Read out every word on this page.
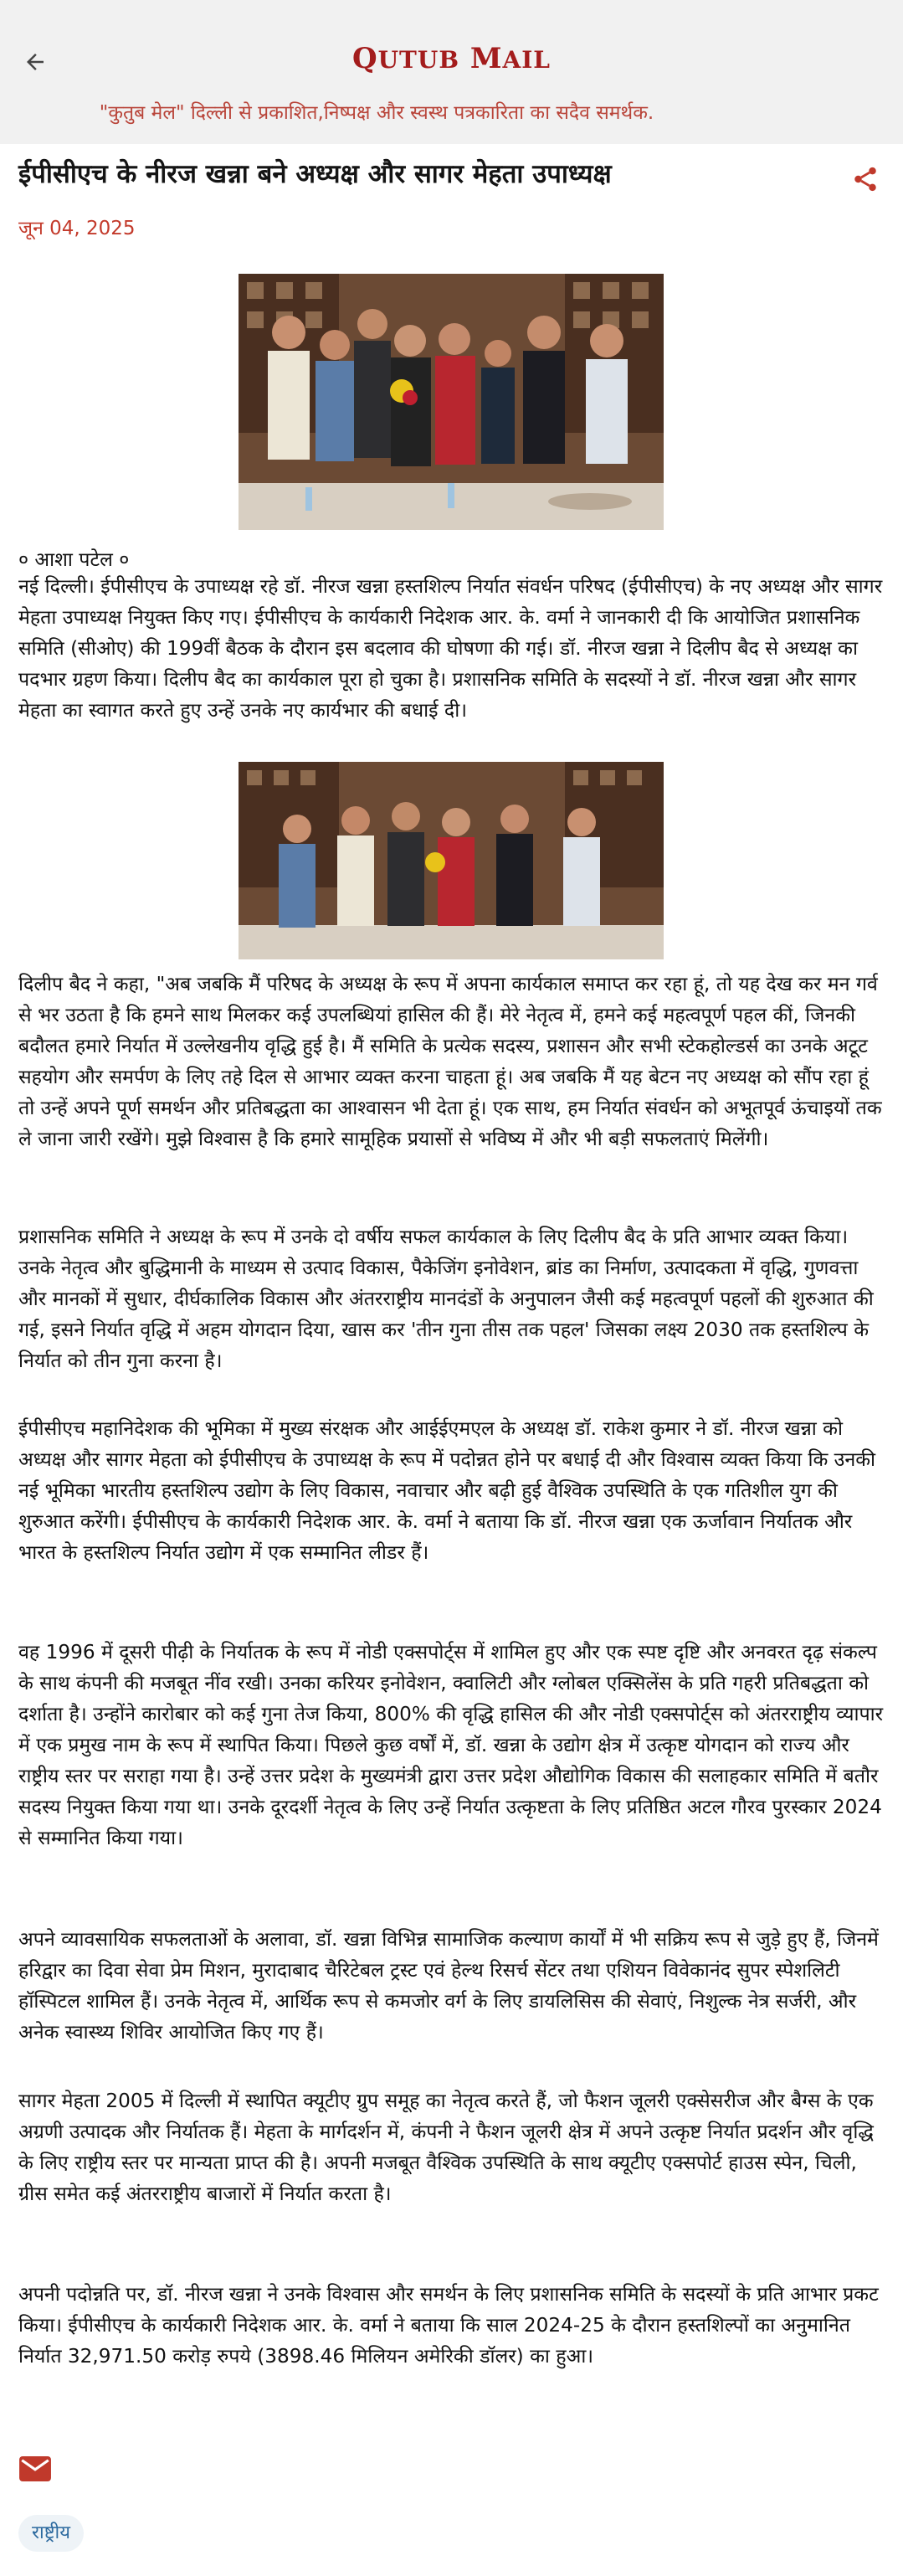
QUTUB MAIL
"कुतुब मेल" दिल्ली से प्रकाशित,निष्पक्ष और स्वस्थ पत्रकारिता का सदैव समर्थक.
ईपीसीएच के नीरज खन्ना बने अध्यक्ष और सागर मेहता उपाध्यक्ष
जून 04, 2025
० आशा पटेल ०

नई दिल्ली। ईपीसीएच के उपाध्यक्ष रहे डॉ. नीरज खन्ना हस्तशिल्प निर्यात संवर्धन परिषद (ईपीसीएच) के नए अध्यक्ष और सागर मेहता उपाध्यक्ष नियुक्त किए गए। ईपीसीएच के कार्यकारी निदेशक आर. के. वर्मा ने जानकारी दी कि आयोजित प्रशासनिक समिति (सीओए) की 199वीं बैठक के दौरान इस बदलाव की घोषणा की गई। डॉ. नीरज खन्ना ने दिलीप बैद से अध्यक्ष का पदभार ग्रहण किया। दिलीप बैद का कार्यकाल पूरा हो चुका है। प्रशासनिक समिति के सदस्यों ने डॉ. नीरज खन्ना और सागर मेहता का स्वागत करते हुए उन्हें उनके नए कार्यभार की बधाई दी।

दिलीप बैद ने कहा, "अब जबकि मैं परिषद के अध्यक्ष के रूप में अपना कार्यकाल समाप्त कर रहा हूं, तो यह देख कर मन गर्व से भर उठता है कि हमने साथ मिलकर कई उपलब्धियां हासिल की हैं। मेरे नेतृत्व में, हमने कई महत्वपूर्ण पहल कीं, जिनकी बदौलत हमारे निर्यात में उल्लेखनीय वृद्धि हुई है। मैं समिति के प्रत्येक सदस्य, प्रशासन और सभी स्टेकहोल्डर्स का उनके अटूट सहयोग और समर्पण के लिए तहे दिल से आभार व्यक्त करना चाहता हूं। अब जबकि मैं यह बेटन नए अध्यक्ष को सौंप रहा हूं तो उन्हें अपने पूर्ण समर्थन और प्रतिबद्धता का आश्वासन भी देता हूं। एक साथ, हम निर्यात संवर्धन को अभूतपूर्व ऊंचाइयों तक ले जाना जारी रखेंगे। मुझे विश्वास है कि हमारे सामूहिक प्रयासों से भविष्य में और भी बड़ी सफलताएं मिलेंगी।

प्रशासनिक समिति ने अध्यक्ष के रूप में उनके दो वर्षीय सफल कार्यकाल के लिए दिलीप बैद के प्रति आभार व्यक्त किया। उनके नेतृत्व और बुद्धिमानी के माध्यम से उत्पाद विकास, पैकेजिंग इनोवेशन, ब्रांड का निर्माण, उत्पादकता में वृद्धि, गुणवत्ता और मानकों में सुधार, दीर्घकालिक विकास और अंतरराष्ट्रीय मानदंडों के अनुपालन जैसी कई महत्वपूर्ण पहलों की शुरुआत की गई, इसने निर्यात वृद्धि में अहम योगदान दिया, खास कर 'तीन गुना तीस तक पहल' जिसका लक्ष्य 2030 तक हस्तशिल्प के निर्यात को तीन गुना करना है।

ईपीसीएच महानिदेशक की भूमिका में मुख्य संरक्षक और आईईएमएल के अध्यक्ष डॉ. राकेश कुमार ने डॉ. नीरज खन्ना को अध्यक्ष और सागर मेहता को ईपीसीएच के उपाध्यक्ष के रूप में पदोन्नत होने पर बधाई दी और विश्वास व्यक्त किया कि उनकी नई भूमिका भारतीय हस्तशिल्प उद्योग के लिए विकास, नवाचार और बढ़ी हुई वैश्विक उपस्थिति के एक गतिशील युग की शुरुआत करेंगी। ईपीसीएच के कार्यकारी निदेशक आर. के. वर्मा ने बताया कि डॉ. नीरज खन्ना एक ऊर्जावान निर्यातक और भारत के हस्तशिल्प निर्यात उद्योग में एक सम्मानित लीडर हैं।

वह 1996 में दूसरी पीढ़ी के निर्यातक के रूप में नोडी एक्सपोर्ट्स में शामिल हुए और एक स्पष्ट दृष्टि और अनवरत दृढ़ संकल्प के साथ कंपनी की मजबूत नींव रखी। उनका करियर इनोवेशन, क्वालिटी और ग्लोबल एक्सिलेंस के प्रति गहरी प्रतिबद्धता को दर्शाता है। उन्होंने कारोबार को कई गुना तेज किया, 800% की वृद्धि हासिल की और नोडी एक्सपोर्ट्स को अंतरराष्ट्रीय व्यापार में एक प्रमुख नाम के रूप में स्थापित किया। पिछले कुछ वर्षों में, डॉ. खन्ना के उद्योग क्षेत्र में उत्कृष्ट योगदान को राज्य और राष्ट्रीय स्तर पर सराहा गया है। उन्हें उत्तर प्रदेश के मुख्यमंत्री द्वारा उत्तर प्रदेश औद्योगिक विकास की सलाहकार समिति में बतौर सदस्य नियुक्त किया गया था। उनके दूरदर्शी नेतृत्व के लिए उन्हें निर्यात उत्कृष्टता के लिए प्रतिष्ठित अटल गौरव पुरस्कार 2024 से सम्मानित किया गया।

अपने व्यावसायिक सफलताओं के अलावा, डॉ. खन्ना विभिन्न सामाजिक कल्याण कार्यों में भी सक्रिय रूप से जुड़े हुए हैं, जिनमें हरिद्वार का दिवा सेवा प्रेम मिशन, मुरादाबाद चैरिटेबल ट्रस्ट एवं हेल्थ रिसर्च सेंटर तथा एशियन विवेकानंद सुपर स्पेशलिटी हॉस्पिटल शामिल हैं। उनके नेतृत्व में, आर्थिक रूप से कमजोर वर्ग के लिए डायलिसिस की सेवाएं, निशुल्क नेत्र सर्जरी, और अनेक स्वास्थ्य शिविर आयोजित किए गए हैं।

सागर मेहता 2005 में दिल्ली में स्थापित क्यूटीए ग्रुप समूह का नेतृत्व करते हैं, जो फैशन जूलरी एक्सेसरीज और बैग्स के एक अग्रणी उत्पादक और निर्यातक हैं। मेहता के मार्गदर्शन में, कंपनी ने फैशन जूलरी क्षेत्र में अपने उत्कृष्ट निर्यात प्रदर्शन और वृद्धि के लिए राष्ट्रीय स्तर पर मान्यता प्राप्त की है। अपनी मजबूत वैश्विक उपस्थिति के साथ क्यूटीए एक्सपोर्ट हाउस स्पेन, चिली, ग्रीस समेत कई अंतरराष्ट्रीय बाजारों में निर्यात करता है।

अपनी पदोन्नति पर, डॉ. नीरज खन्ना ने उनके विश्वास और समर्थन के लिए प्रशासनिक समिति के सदस्यों के प्रति आभार प्रकट किया। ईपीसीएच के कार्यकारी निदेशक आर. के. वर्मा ने बताया कि साल 2024-25 के दौरान हस्तशिल्पों का अनुमानित निर्यात 32,971.50 करोड़ रुपये (3898.46 मिलियन अमेरिकी डॉलर) का हुआ।

राष्ट्रीय
